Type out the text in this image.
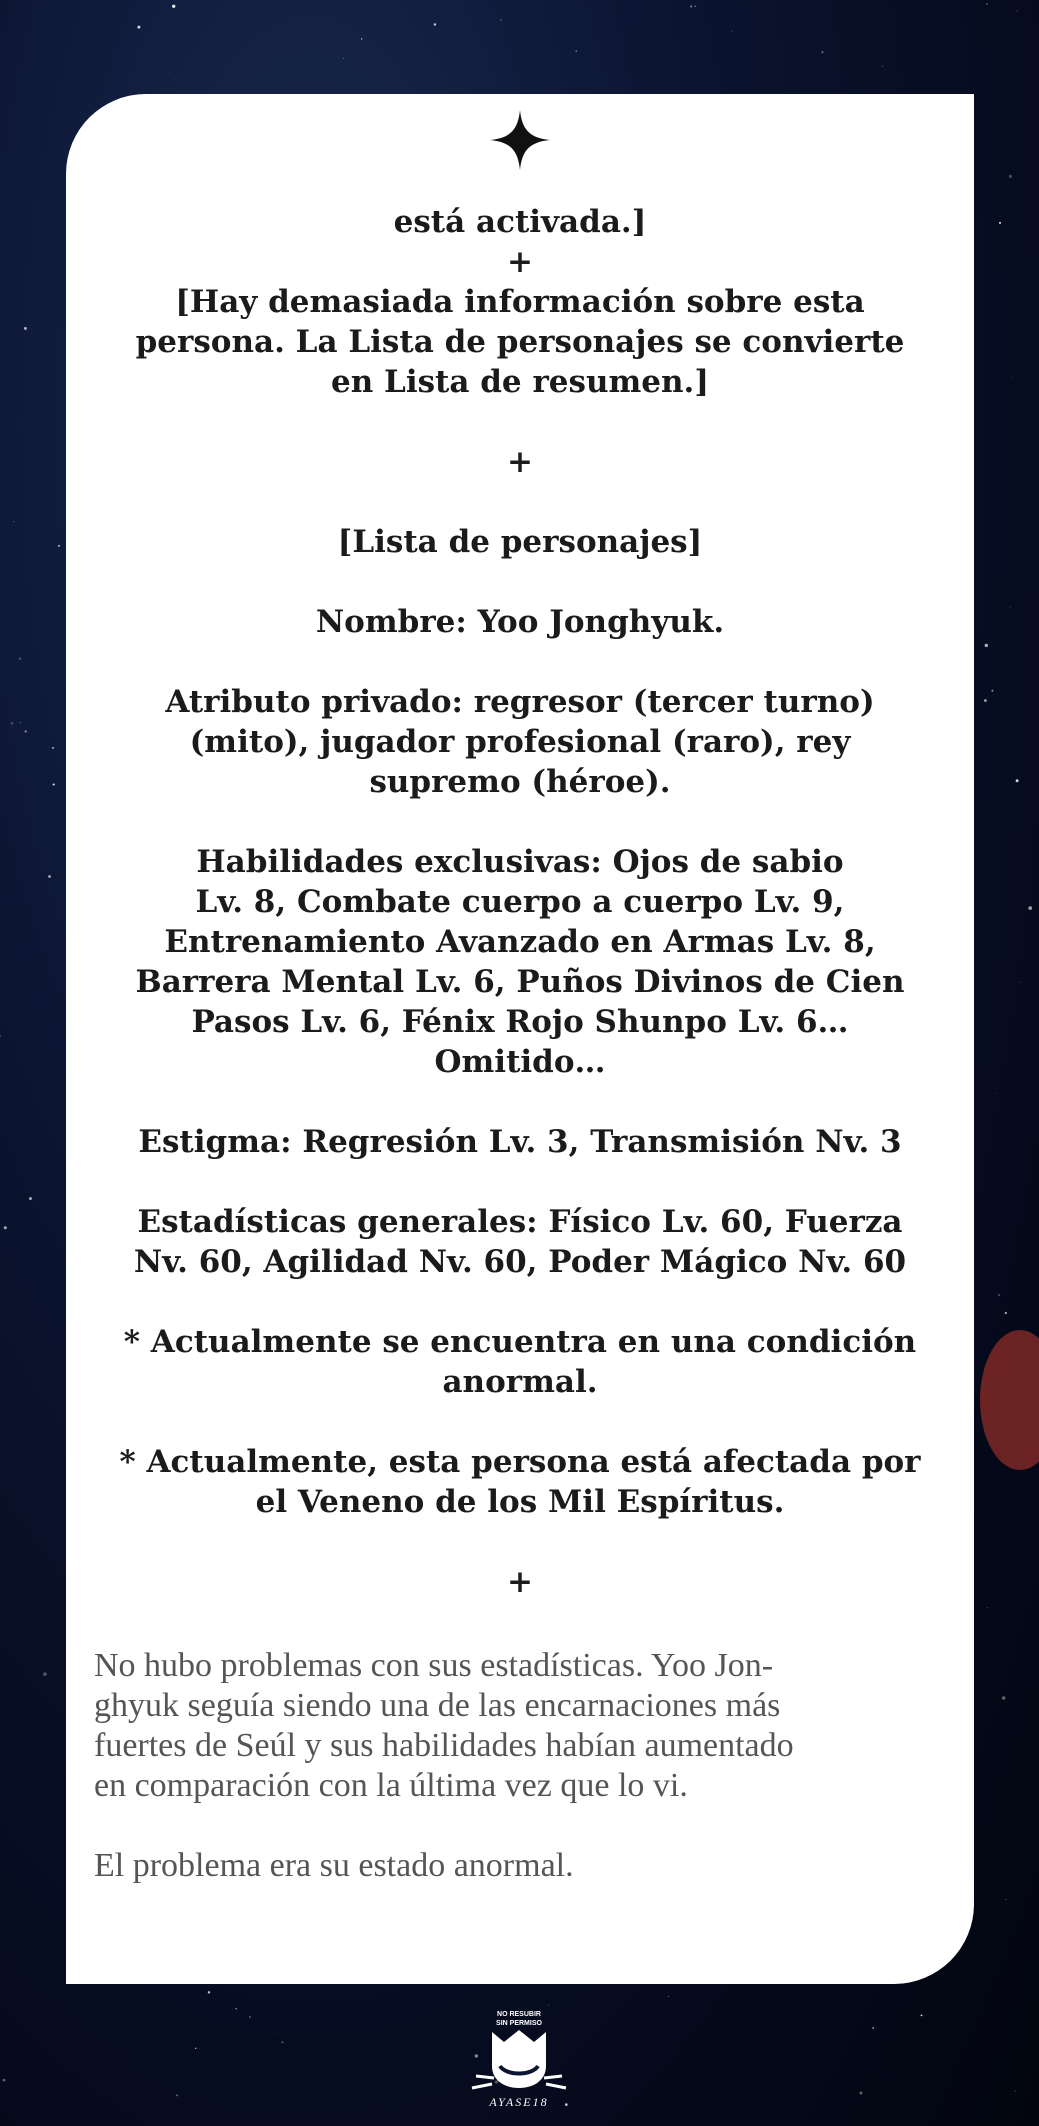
está activada.]

+

[Hay demasiada información sobre esta

persona. La Lista de personajes se convierte

en Lista de resumen.]

+

[Lista de personajes]

Nombre: Yoo Jonghyuk.

Atributo privado: regresor (tercer turno)

(mito), jugador profesional (raro), rey

supremo (héroe).

Habilidades exclusivas: Ojos de sabio

Lv. 8, Combate cuerpo a cuerpo Lv. 9,

Entrenamiento Avanzado en Armas Lv. 8,

Barrera Mental Lv. 6, Puños Divinos de Cien

Pasos Lv. 6, Fénix Rojo Shunpo Lv. 6…

Omitido…

Estigma: Regresión Lv. 3, Transmisión Nv. 3

Estadísticas generales: Físico Lv. 60, Fuerza

Nv. 60, Agilidad Nv. 60, Poder Mágico Nv. 60

* Actualmente se encuentra en una condición

anormal.

* Actualmente, esta persona está afectada por

el Veneno de los Mil Espíritus.

+

No hubo problemas con sus estadísticas. Yoo Jon-

ghyuk seguía siendo una de las encarnaciones más

fuertes de Seúl y sus habilidades habían aumentado

en comparación con la última vez que lo vi.

El problema era su estado anormal.

NO RESUBIR
SIN PERMISO
AYASE18
